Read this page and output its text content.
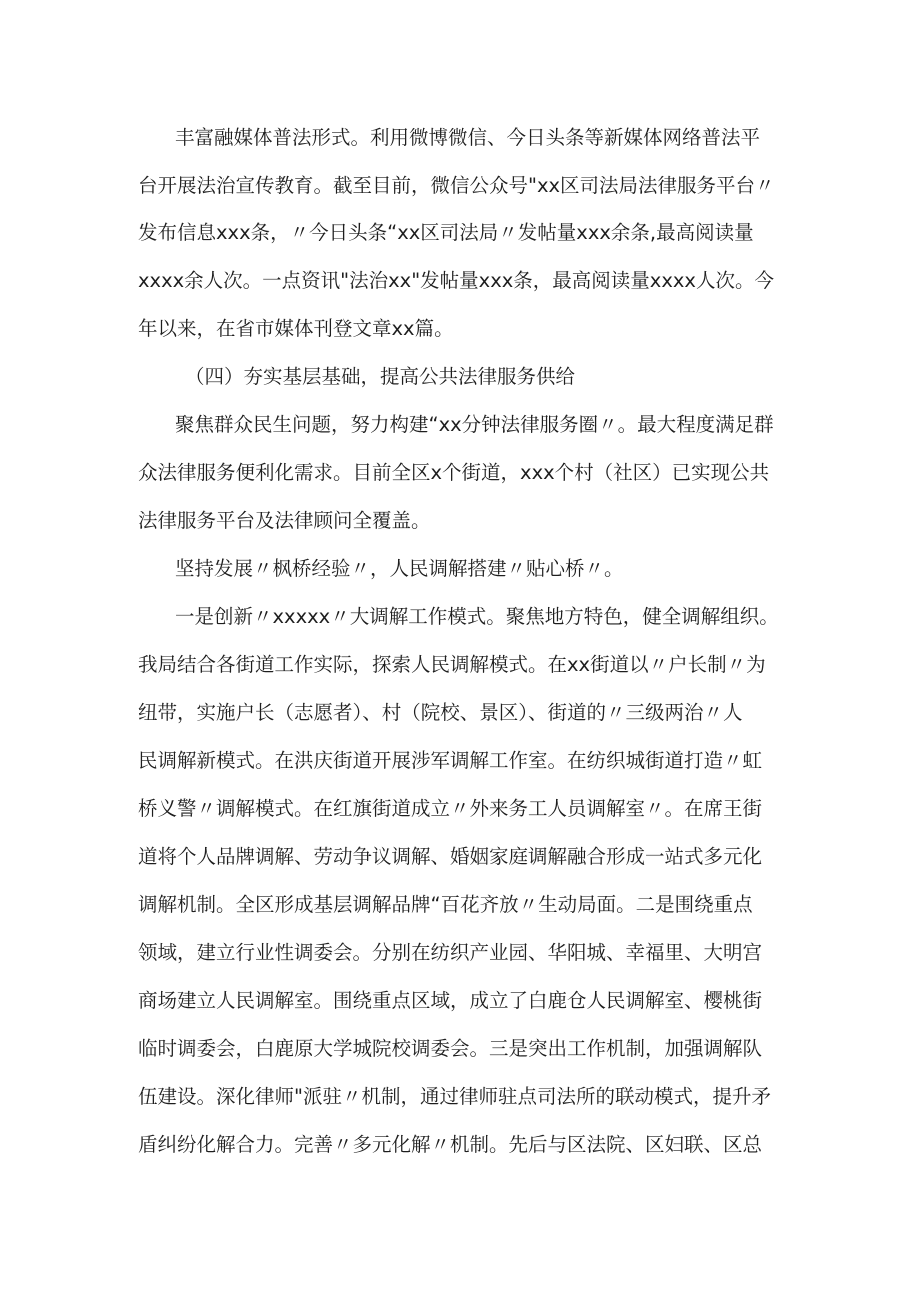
丰富融媒体普法形式。利用微博微信、今日头条等新媒体网络普法平

台开展法治宣传教育。截至目前，微信公众号"xx区司法局法律服务平台〃

发布信息xxx条，〃今日头条“xx区司法局〃发帖量xxx余条,最高阅读量

xxxx余人次。一点资讯"法治xx"发帖量xxx条，最高阅读量xxxx人次。今

年以来，在省市媒体刊登文章xx篇。

（四）夯实基层基础，提高公共法律服务供给

聚焦群众民生问题，努力构建“xx分钟法律服务圈〃。最大程度满足群

众法律服务便利化需求。目前全区x个街道，xxx个村（社区）已实现公共

法律服务平台及法律顾问全覆盖。

坚持发展〃枫桥经验〃，人民调解搭建〃贴心桥〃。

一是创新〃xxxxx〃大调解工作模式。聚焦地方特色，健全调解组织。

我局结合各街道工作实际，探索人民调解模式。在xx街道以〃户长制〃为

纽带，实施户长（志愿者）、村（院校、景区）、街道的〃三级两治〃人

民调解新模式。在洪庆街道开展涉军调解工作室。在纺织城街道打造〃虹

桥义警〃调解模式。在红旗街道成立〃外来务工人员调解室〃。在席王街

道将个人品牌调解、劳动争议调解、婚姻家庭调解融合形成一站式多元化

调解机制。全区形成基层调解品牌“百花齐放〃生动局面。二是围绕重点

领域，建立行业性调委会。分别在纺织产业园、华阳城、幸福里、大明宫

商场建立人民调解室。围绕重点区域，成立了白鹿仓人民调解室、樱桃街

临时调委会，白鹿原大学城院校调委会。三是突出工作机制，加强调解队

伍建设。深化律师"派驻〃机制，通过律师驻点司法所的联动模式，提升矛

盾纠纷化解合力。完善〃多元化解〃机制。先后与区法院、区妇联、区总
